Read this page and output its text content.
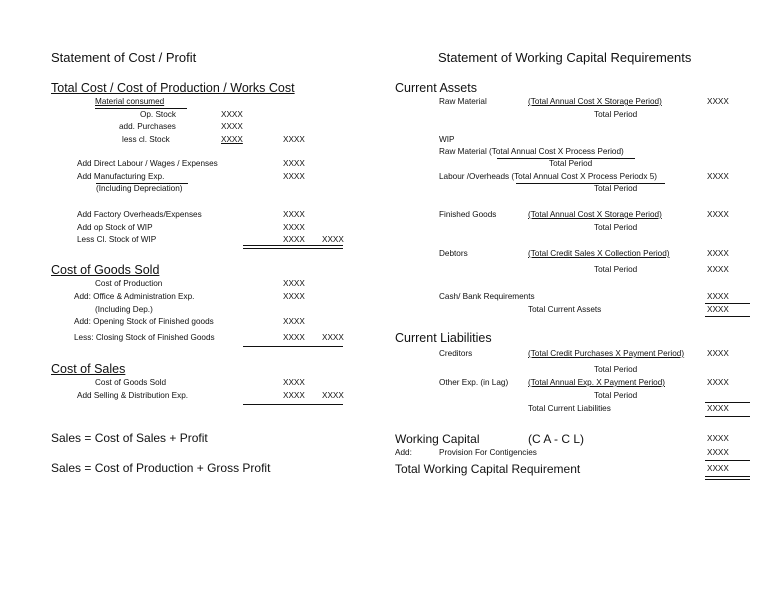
Statement of Cost / Profit
Total Cost / Cost of Production / Works Cost
Material consumed
Op. Stock	XXXX
add. Purchases	XXXX
less cl. Stock	XXXX	XXXX
Add Direct Labour / Wages / Expenses	XXXX
Add Manufacturing Exp.	XXXX
(Including Depreciation)
Add Factory Overheads/Expenses	XXXX
Add op Stock of WIP	XXXX
Less Cl. Stock of WIP	XXXX XXXX
Cost of Goods Sold
Cost of Production	XXXX
Add: Office & Administration Exp.	XXXX
(Including Dep.)
Add: Opening Stock of Finished goods	XXXX
Less: Closing Stock of Finished Goods	XXXX XXXX
Cost of Sales
Cost of Goods Sold	XXXX
Add Selling & Distribution Exp.	XXXX XXXX
Sales = Cost of Sales + Profit
Sales = Cost of Production + Gross Profit
Statement of Working Capital Requirements
Current Assets
Raw Material	(Total Annual Cost X Storage Period)	XXXX
Total Period
WIP
Raw Material (Total Annual Cost X Process Period)
Total Period
Labour /Overheads (Total Annual Cost X Process Periodx 5)	XXXX
Total Period
Finished Goods	(Total Annual Cost X Storage Period)	XXXX
Total Period
Debtors	(Total Credit Sales X Collection Period)	XXXX
Total Period	XXXX
Cash/ Bank Requirements	XXXX
Total Current Assets	XXXX
Current Liabilities
Creditors	(Total Credit Purchases X Payment Period)	XXXX
Total Period
Other Exp. (in Lag) (Total Annual Exp. X Payment Period)	XXXX
Total Period
Total Current Liabilities	XXXX
Working Capital	(C A - C L)	XXXX
Add:	Provision For Contigencies	XXXX
Total Working Capital Requirement	XXXX
